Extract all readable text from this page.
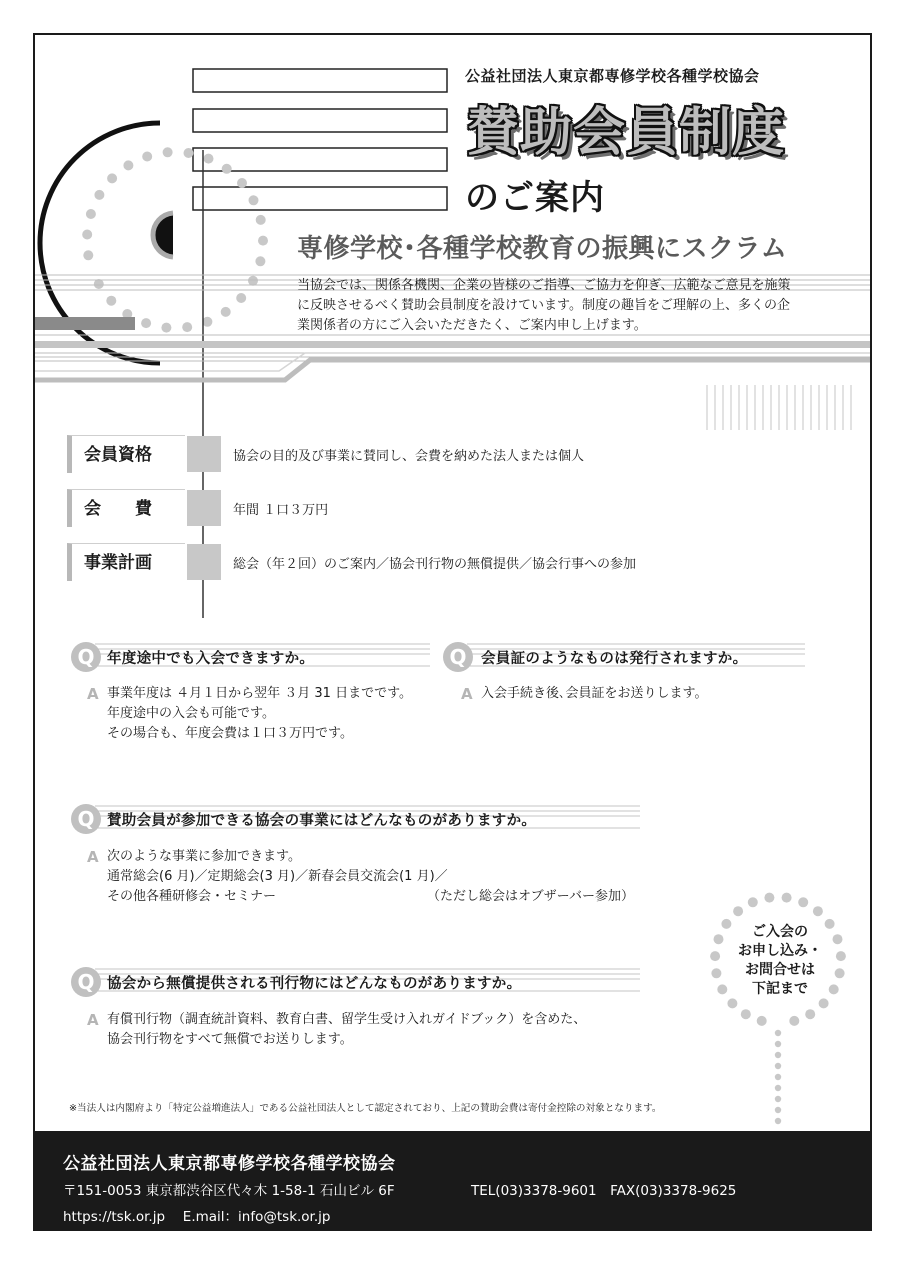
公益社団法人東京都専修学校各種学校協会
賛助会員制度
のご案内
専修学校･各種学校教育の振興にスクラム
当協会では、関係各機関、企業の皆様のご指導、ご協力を仰ぎ、広範なご意見を施策
に反映させるべく賛助会員制度を設けています。制度の趣旨をご理解の上、多くの企
業関係者の方にご入会いただきたく、ご案内申し上げます。
会員資格	協会の目的及び事業に賛同し、会費を納めた法人または個人
会　　費	年間 １口３万円
事業計画	総会（年２回）のご案内／協会刊行物の無償提供／協会行事への参加
Q 年度途中でも入会できますか。
A 事業年度は ４月１日から翌年 ３月 31 日までです。
年度途中の入会も可能です。
その場合も、年度会費は１口３万円です。
Q	会員証のようなものは発行されますか。
A 入会手続き後､会員証をお送りします。
Q 賛助会員が参加できる協会の事業にはどんなものがありますか。
A 次のような事業に参加できます。
通常総会(6 月)／定期総会(3 月)／新春会員交流会(1 月)／
その他各種研修会・セミナー	（ただし総会はオブザーバー参加）
Q 協会から無償提供される刊行物にはどんなものがありますか。
A 有償刊行物（調査統計資料、教育白書、留学生受け入れガイドブック）を含めた、
協会刊行物をすべて無償でお送りします。
ご入会の
お申し込み・
お問合せは
下記まで
※当法人は内閣府より「特定公益増進法人」である公益社団法人として認定されており、上記の賛助会費は寄付金控除の対象となります。
公益社団法人東京都専修学校各種学校協会
〒151-0053 東京都渋谷区代々木 1-58-1 石山ビル 6F	TEL(03)3378-9601　FAX(03)3378-9625
https://tsk.or.jp　 E.mail：info@tsk.or.jp
